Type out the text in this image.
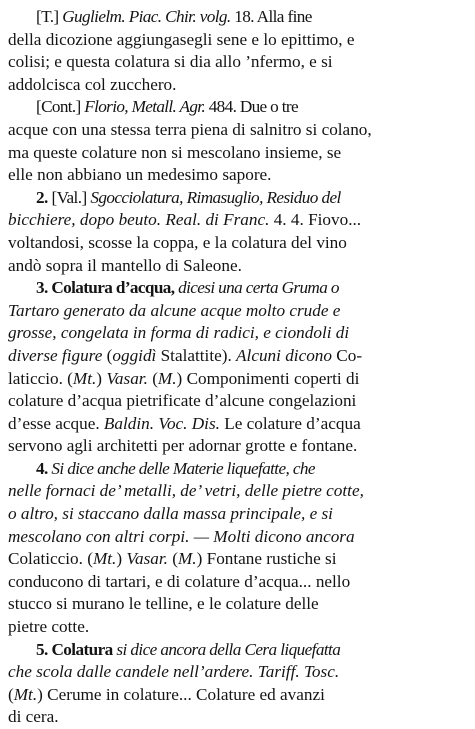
[T.] Guglielm. Piac. Chir. volg. 18. Alla fine
della dicozione aggiungasegli sene e lo epittimo, e
colisi; e questa colatura si dia allo ’nfermo, e si
addolcisca col zucchero.
[Cont.] Florio, Metall. Agr. 484. Due o tre
acque con una stessa terra piena di salnitro si colano,
ma queste colature non si mescolano insieme, se
elle non abbiano un medesimo sapore.
2. [Val.] Sgocciolatura, Rimasuglio, Residuo del
bicchiere, dopo beuto. Real. di Franc. 4. 4. Fiovo...
voltandosi, scosse la coppa, e la colatura del vino
andò sopra il mantello di Saleone.
3. Colatura d’acqua, dicesi una certa Gruma o
Tartaro generato da alcune acque molto crude e
grosse, congelata in forma di radici, e ciondoli di
diverse figure (oggidì Stalattite). Alcuni dicono Co-
laticcio. (Mt.) Vasar. (M.) Componimenti coperti di
colature d’acqua pietrificate d’alcune congelazioni
d’esse acque. Baldin. Voc. Dis. Le colature d’acqua
servono agli architetti per adornar grotte e fontane.
4. Si dice anche delle Materie liquefatte, che
nelle fornaci de’ metalli, de’ vetri, delle pietre cotte,
o altro, si staccano dalla massa principale, e si
mescolano con altri corpi. — Molti dicono ancora
Colaticcio. (Mt.) Vasar. (M.) Fontane rustiche si
conducono di tartari, e di colature d’acqua... nello
stucco si murano le telline, e le colature delle
pietre cotte.
5. Colatura si dice ancora della Cera liquefatta
che scola dalle candele nell’ardere. Tariff. Tosc.
(Mt.) Cerume in colature... Colature ed avanzi
di cera.
